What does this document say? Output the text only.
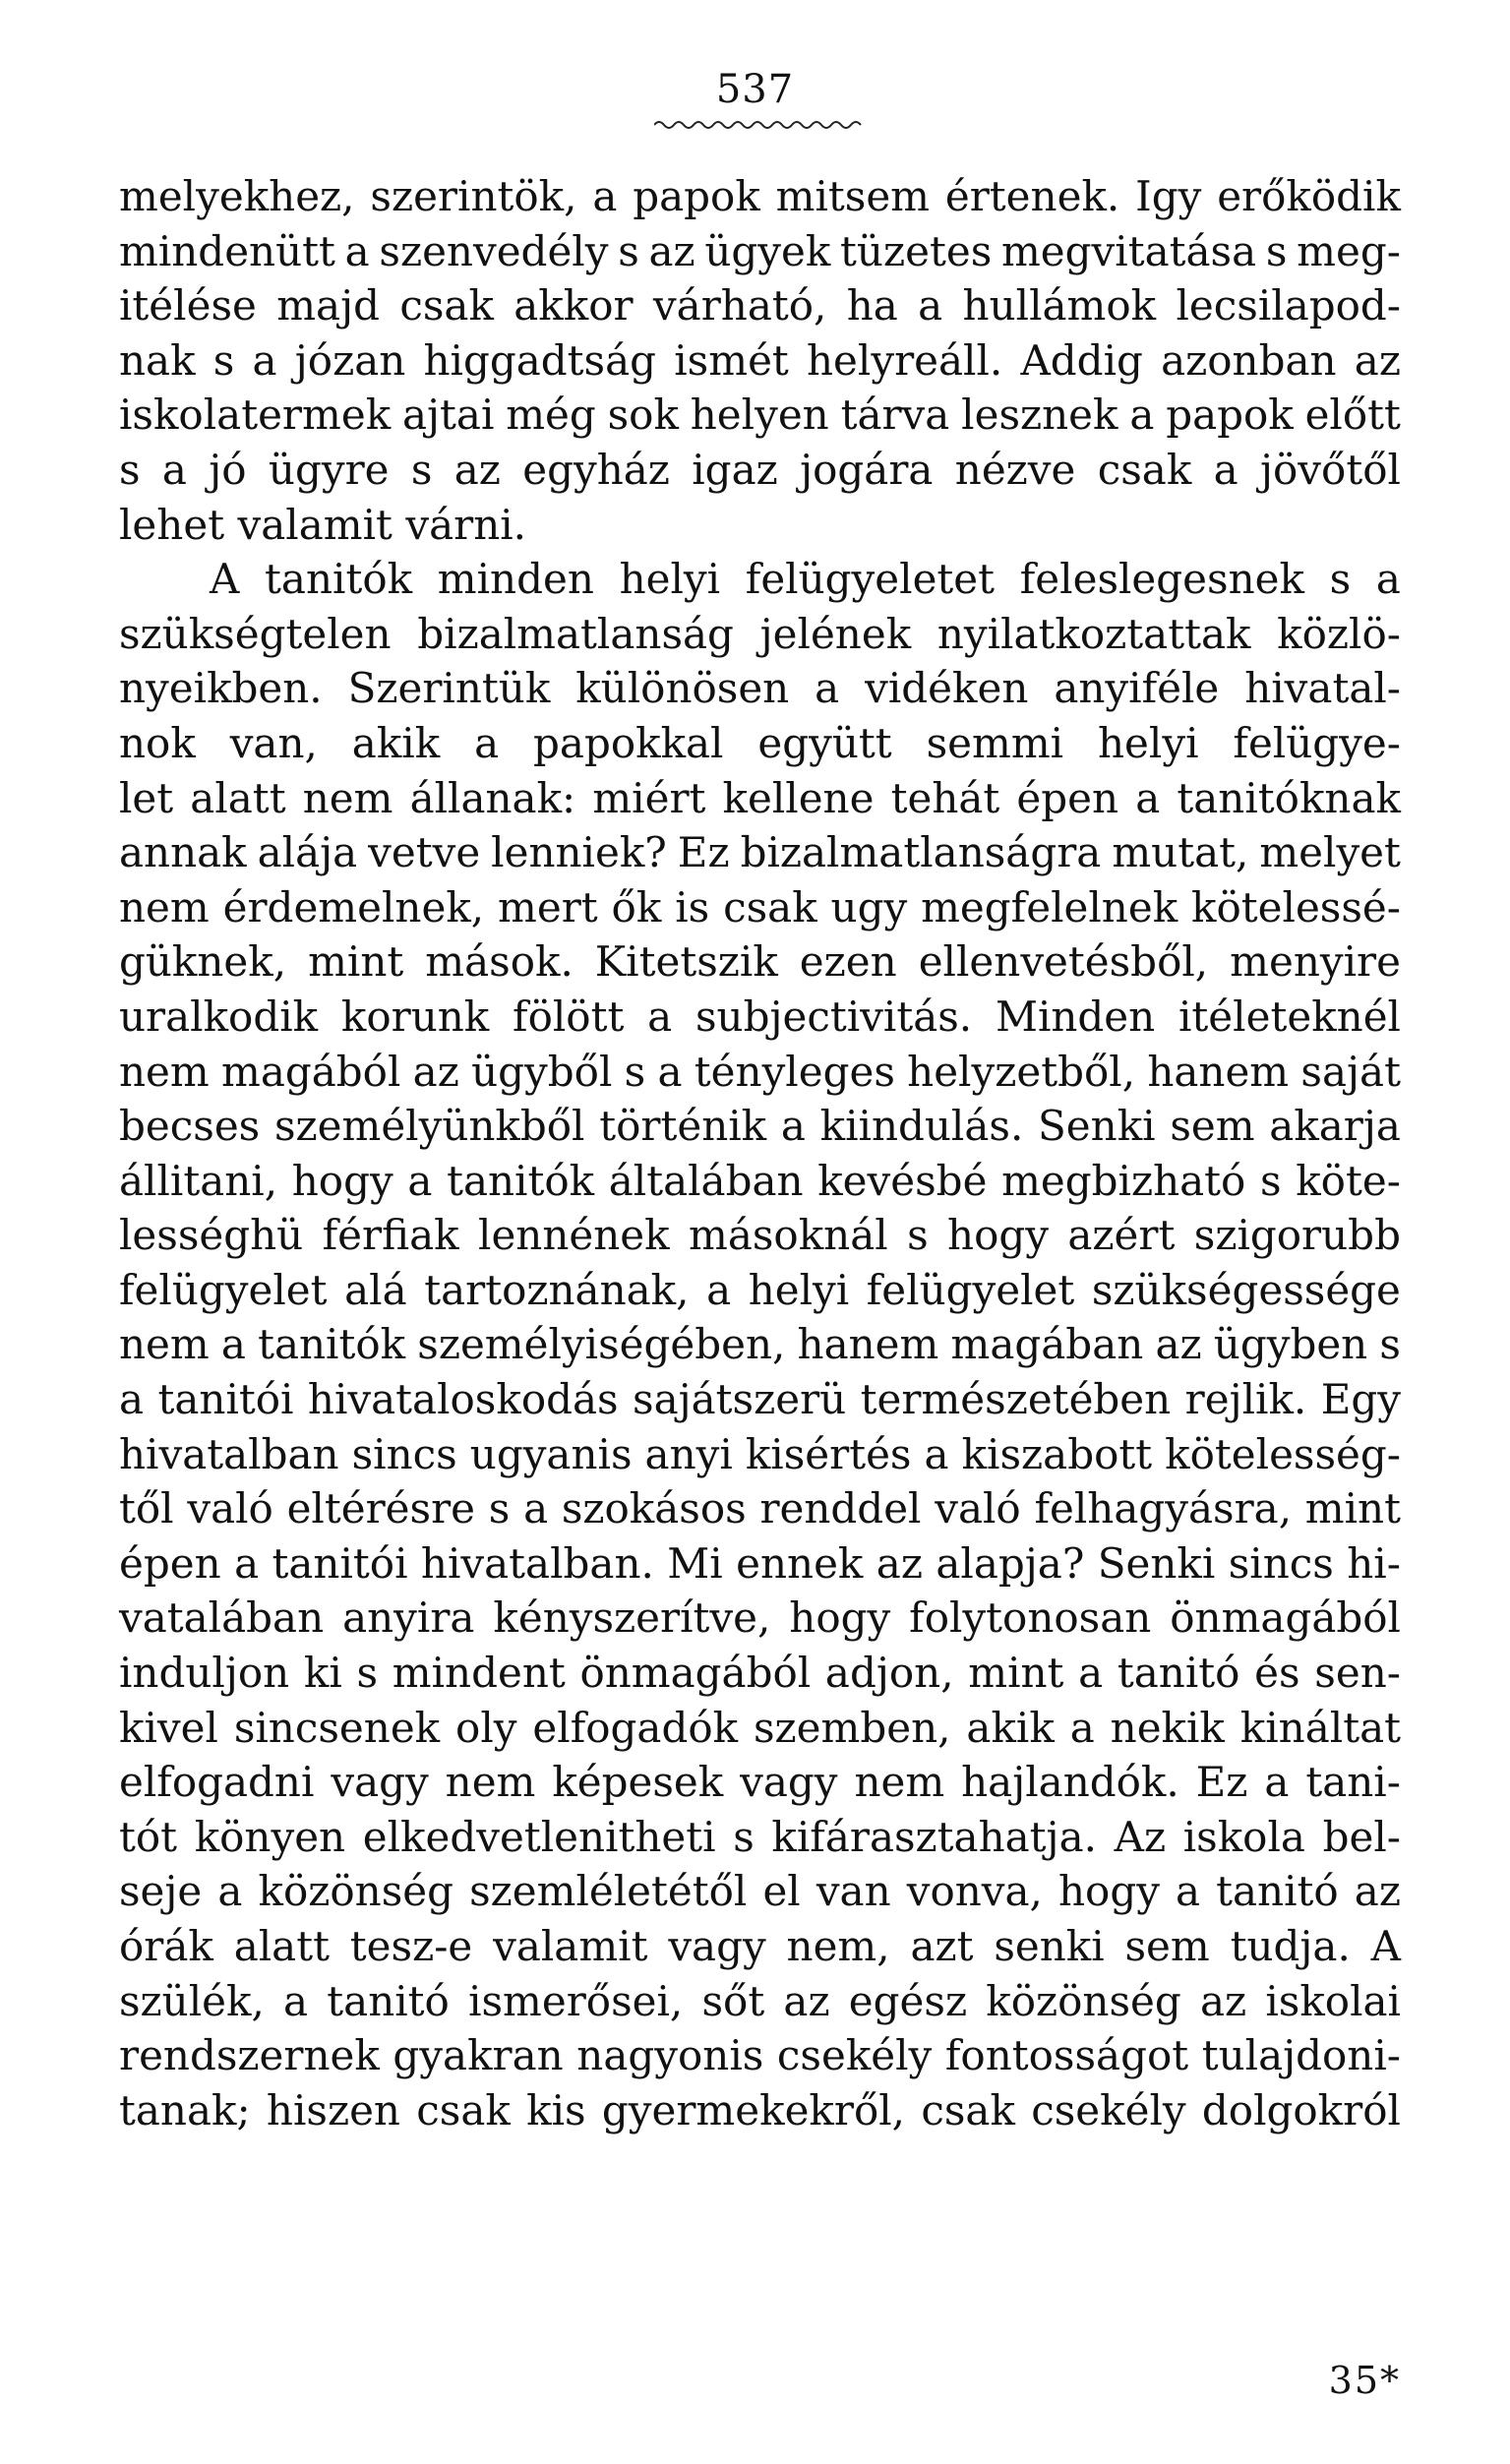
537
melyekhez, szerintök, a papok mitsem értenek. Igy erőködik
mindenütt a szenvedély s az ügyek tüzetes megvitatása s meg-
itélése majd csak akkor várható, ha a hullámok lecsilapod-
nak s a józan higgadtság ismét helyreáll. Addig azonban az
iskolatermek ajtai még sok helyen tárva lesznek a papok előtt
s a jó ügyre s az egyház igaz jogára nézve csak a jövőtől
lehet valamit várni.
A tanitók minden helyi felügyeletet feleslegesnek s a
szükségtelen bizalmatlanság jelének nyilatkoztattak közlö-
nyeikben. Szerintük különösen a vidéken anyiféle hivatal-
nok van, akik a papokkal együtt semmi helyi felügye-
let alatt nem állanak: miért kellene tehát épen a tanitóknak
annak alája vetve lenniek? Ez bizalmatlanságra mutat, melyet
nem érdemelnek, mert ők is csak ugy megfelelnek kötelessé-
güknek, mint mások. Kitetszik ezen ellenvetésből, menyire
uralkodik korunk fölött a subjectivitás. Minden itéleteknél
nem magából az ügyből s a tényleges helyzetből, hanem saját
becses személyünkből történik a kiindulás. Senki sem akarja
állitani, hogy a tanitók általában kevésbé megbizható s köte-
lességhü férfiak lennének másoknál s hogy azért szigorubb
felügyelet alá tartoznának, a helyi felügyelet szükségessége
nem a tanitók személyiségében, hanem magában az ügyben s
a tanitói hivataloskodás sajátszerü természetében rejlik. Egy
hivatalban sincs ugyanis anyi kisértés a kiszabott kötelesség-
től való eltérésre s a szokásos renddel való felhagyásra, mint
épen a tanitói hivatalban. Mi ennek az alapja? Senki sincs hi-
vatalában anyira kényszerítve, hogy folytonosan önmagából
induljon ki s mindent önmagából adjon, mint a tanitó és sen-
kivel sincsenek oly elfogadók szemben, akik a nekik kináltat
elfogadni vagy nem képesek vagy nem hajlandók. Ez a tani-
tót könyen elkedvetlenitheti s kifárasztahatja. Az iskola bel-
seje a közönség szemléletétől el van vonva, hogy a tanitó az
órák alatt tesz-e valamit vagy nem, azt senki sem tudja. A
szülék, a tanitó ismerősei, sőt az egész közönség az iskolai
rendszernek gyakran nagyonis csekély fontosságot tulajdoni-
tanak; hiszen csak kis gyermekekről, csak csekély dolgokról
35*
